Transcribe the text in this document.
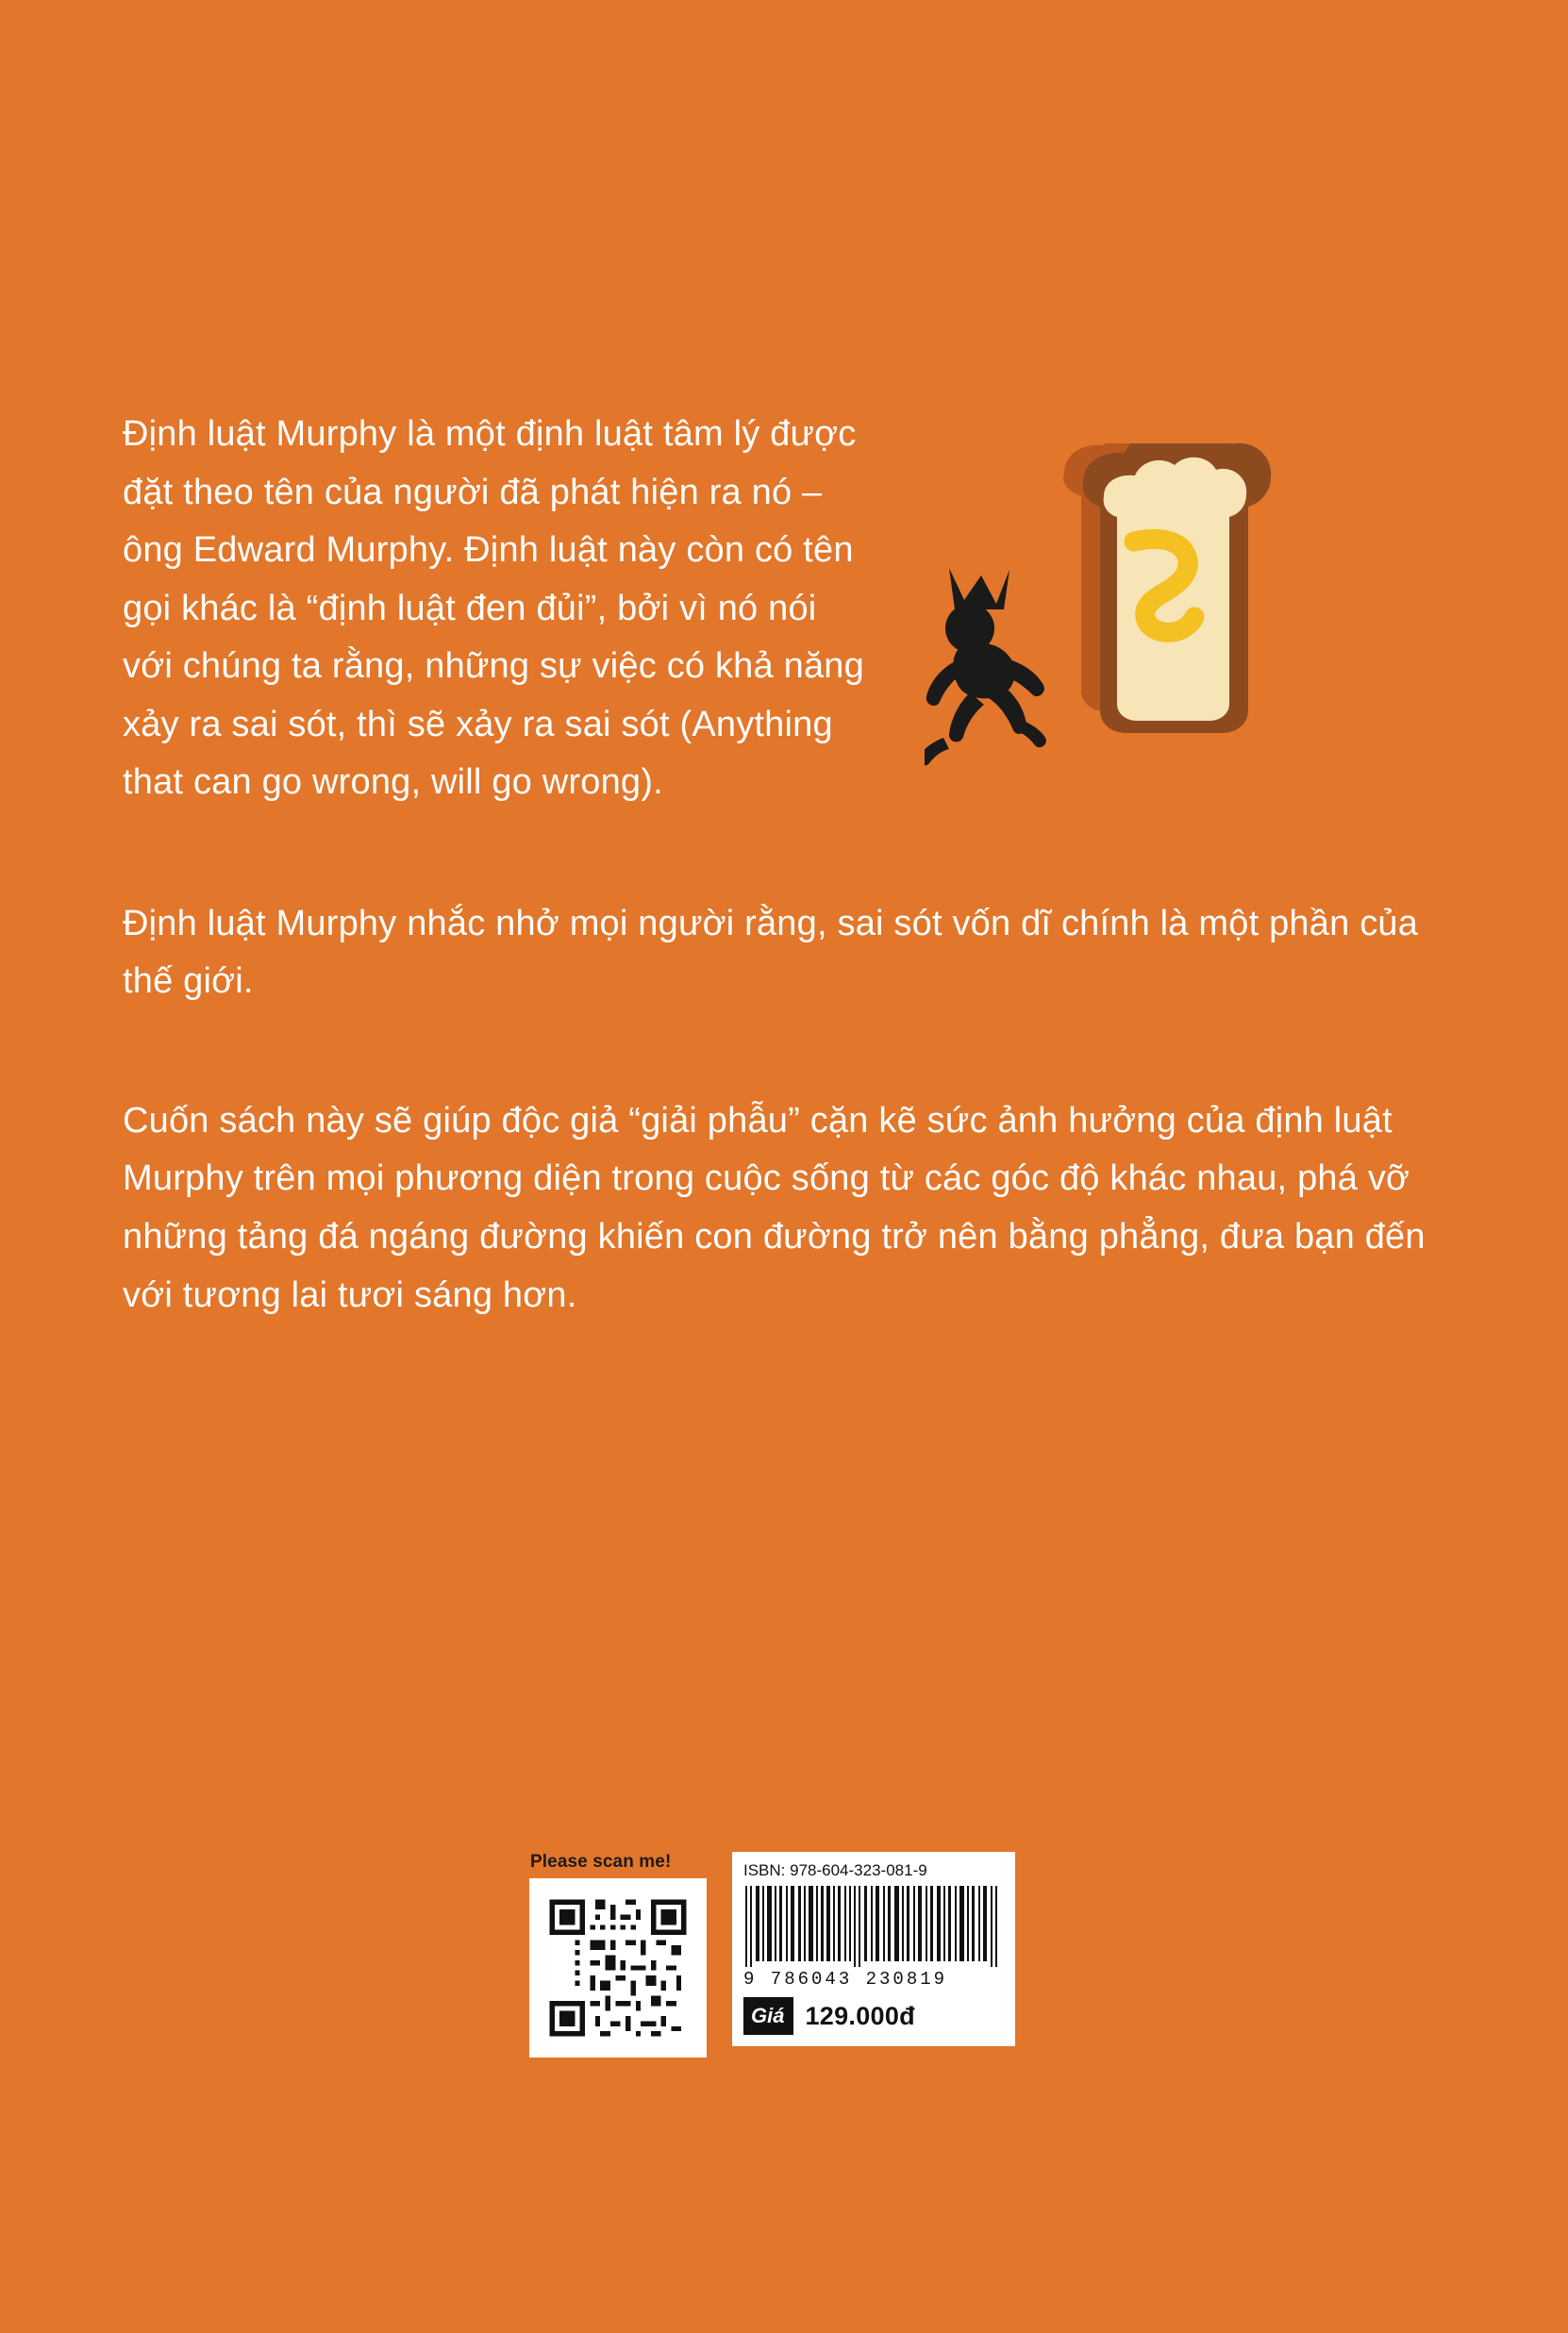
Định luật Murphy là một định luật tâm lý được đặt theo tên của người đã phát hiện ra nó – ông Edward Murphy. Định luật này còn có tên gọi khác là “định luật đen đủi”, bởi vì nó nói với chúng ta rằng, những sự việc có khả năng xảy ra sai sót, thì sẽ xảy ra sai sót (Anything that can go wrong, will go wrong).

Định luật Murphy nhắc nhở mọi người rằng, sai sót vốn dĩ chính là một phần của thế giới.

Cuốn sách này sẽ giúp độc giả “giải phẫu” cặn kẽ sức ảnh hưởng của định luật Murphy trên mọi phương diện trong cuộc sống từ các góc độ khác nhau, phá vỡ những tảng đá ngáng đường khiến con đường trở nên bằng phẳng, đưa bạn đến với tương lai tươi sáng hơn.

Please scan me!	ISBN: 978-604-323-081-9
9 786043 230819
Giá 129.000đ
